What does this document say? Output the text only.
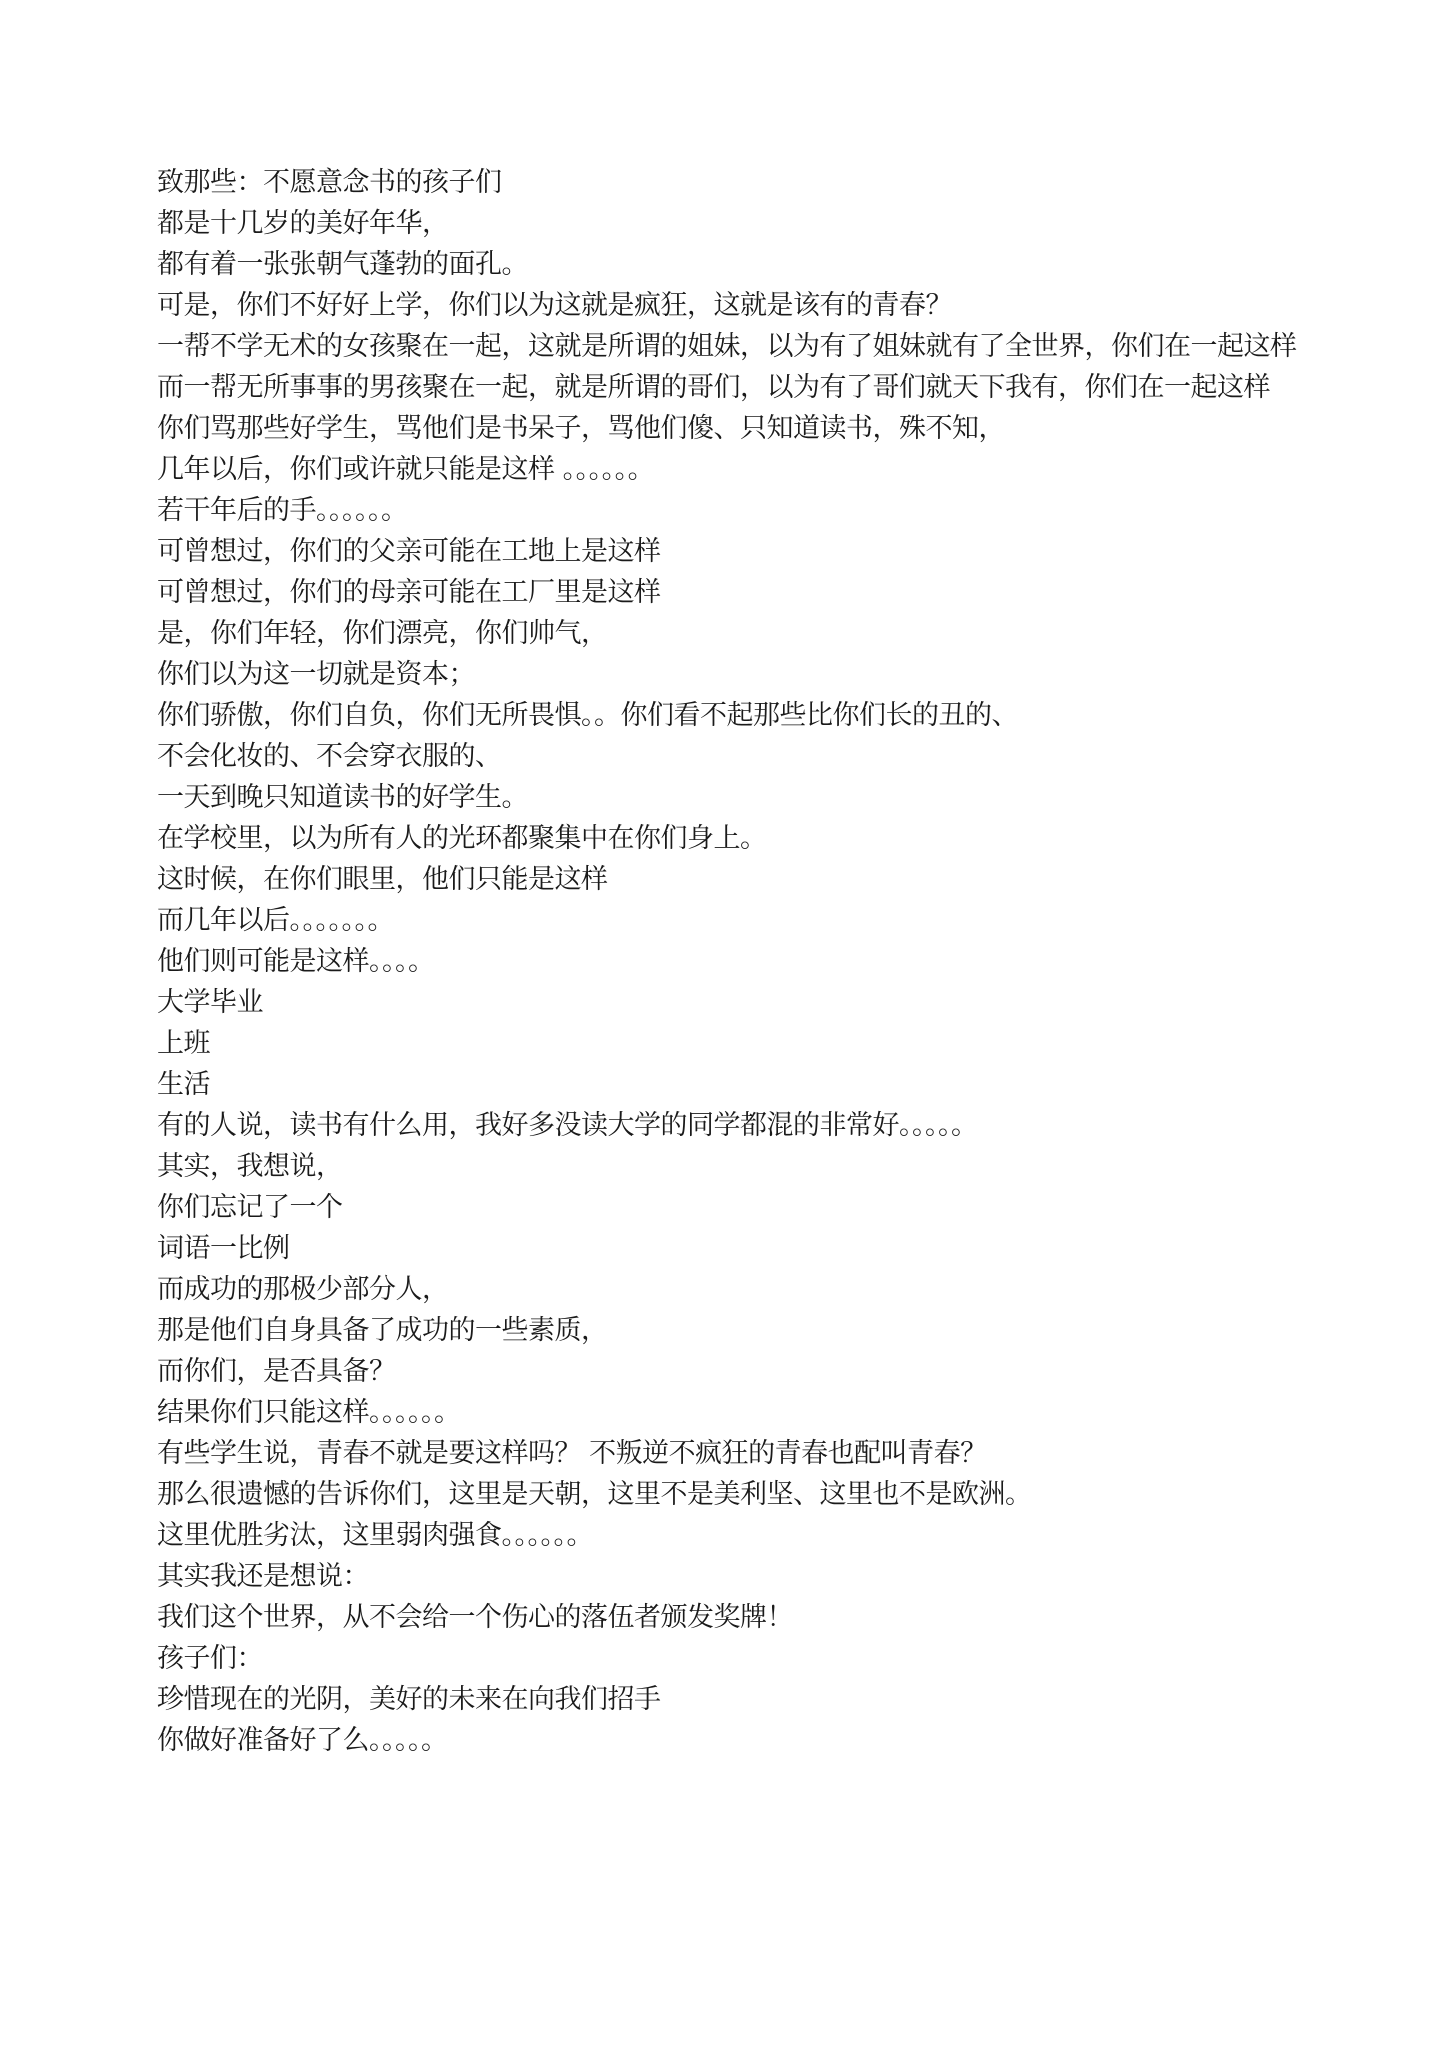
致那些：不愿意念书的孩子们
都是十几岁的美好年华，
都有着一张张朝气蓬勃的面孔。
可是，你们不好好上学，你们以为这就是疯狂，这就是该有的青春？
一帮不学无术的女孩聚在一起，这就是所谓的姐妹，以为有了姐妹就有了全世界，你们在一起这样
而一帮无所事事的男孩聚在一起，就是所谓的哥们，以为有了哥们就天下我有，你们在一起这样
你们骂那些好学生，骂他们是书呆子，骂他们傻、只知道读书，殊不知，
几年以后，你们或许就只能是这样 。。。。。。
若干年后的手。。。。。。
可曾想过，你们的父亲可能在工地上是这样
可曾想过，你们的母亲可能在工厂里是这样
是，你们年轻，你们漂亮，你们帅气，
你们以为这一切就是资本；
你们骄傲，你们自负，你们无所畏惧。。你们看不起那些比你们长的丑的、
不会化妆的、不会穿衣服的、
一天到晚只知道读书的好学生。
在学校里，以为所有人的光环都聚集中在你们身上。
这时候，在你们眼里，他们只能是这样
而几年以后。。。。。。。
他们则可能是这样。。。。
大学毕业
上班
生活
有的人说，读书有什么用，我好多没读大学的同学都混的非常好。。。。。
其实，我想说，
你们忘记了一个
词语一比例
而成功的那极少部分人，
那是他们自身具备了成功的一些素质，
而你们，是否具备？
结果你们只能这样。。。。。。
有些学生说，青春不就是要这样吗？ 不叛逆不疯狂的青春也配叫青春？
那么很遗憾的告诉你们，这里是天朝，这里不是美利坚、这里也不是欧洲。
这里优胜劣汰，这里弱肉强食。。。。。。
其实我还是想说：
我们这个世界，从不会给一个伤心的落伍者颁发奖牌！
孩子们：
珍惜现在的光阴，美好的未来在向我们招手
你做好准备好了么。。。。。
